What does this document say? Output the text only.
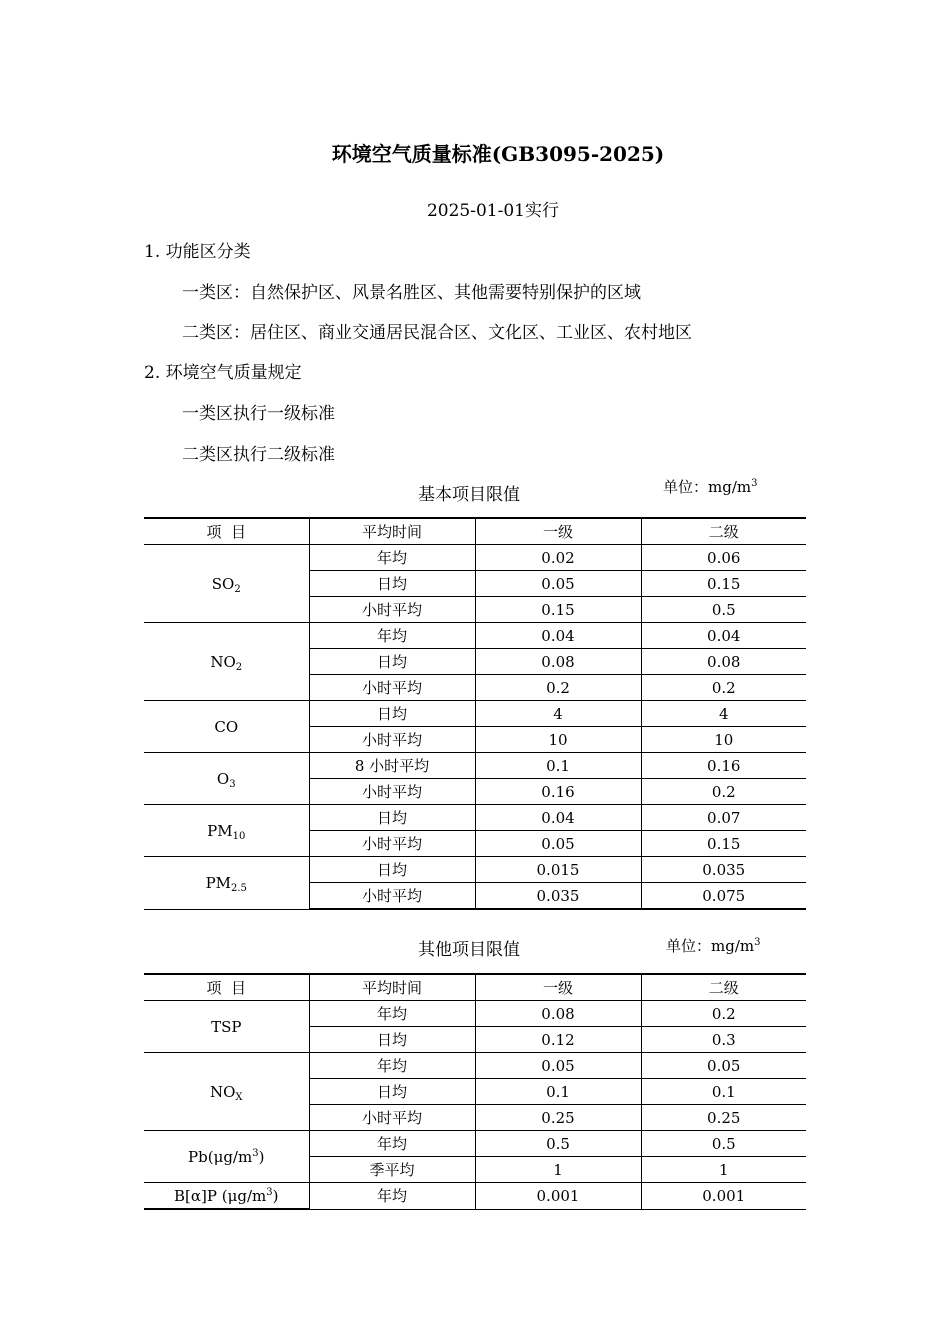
环境空气质量标准(GB3095-2025)
2025-01-01实行
1. 功能区分类
一类区：自然保护区、风景名胜区、其他需要特别保护的区域
二类区：居住区、商业交通居民混合区、文化区、工业区、农村地区
2. 环境空气质量规定
一类区执行一级标准
二类区执行二级标准
基本项目限值	单位：$mg/m^3$
项  目	平均时间	一级	二级
$SO_2$	年均	0.02	0.06
	日均	0.05	0.15
	小时平均	0.15	0.5
$NO_2$	年均	0.04	0.04
	日均	0.08	0.08
	小时平均	0.2	0.2
CO	日均	4	4
	小时平均	10	10
$O_3$	8 小时平均	0.1	0.16
	小时平均	0.16	0.2
$PM_{10}$	日均	0.04	0.07
	小时平均	0.05	0.15
$PM_{2.5}$	日均	0.015	0.035
	小时平均	0.035	0.075
其他项目限值	单位：$mg/m^3$
项  目	平均时间	一级	二级
TSP	年均	0.08	0.2
	日均	0.12	0.3
$NO_X$	年均	0.05	0.05
	日均	0.1	0.1
	小时平均	0.25	0.25
$Pb(\mu g/m^3)$	年均	0.5	0.5
	季平均	1	1
B[α]P $(\mu g/m^3)$	年均	0.001	0.001
